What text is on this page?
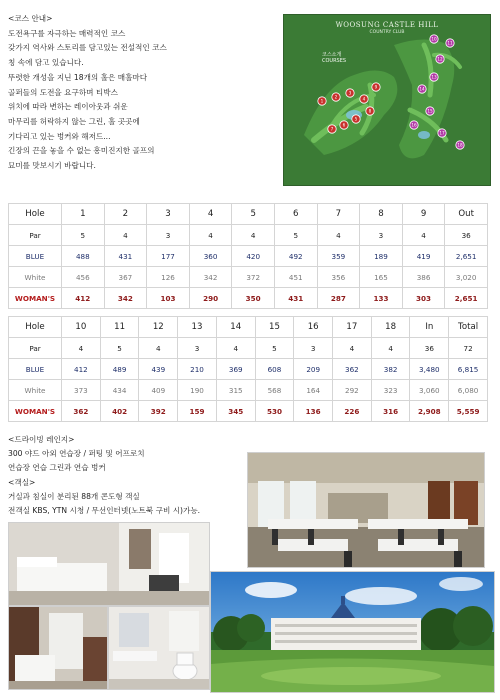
<코스 안내>
도전욕구를 자극하는 매력적인 코스
갖가지 역사와 스토리를 담고있는 전설적인 코스
칭 속에 담고 있습니다.
뚜렷한 개성을 지닌 18개의 홀은 매홀마다
골퍼들의 도전을 요구하며 티박스
위치에 따라 변하는 레이아웃과 쉬운
마무리를 허락하지 않는 그린, 홀 곳곳에
기다리고 있는 벙커와 해저드...
긴장의 끈을 놓을 수 없는 흥미진지한 골프의
묘미를 맛보시기 바랍니다.
1
2
3
4
5
6
7
8
9
10
11
12
13
14
15
16
17
18
WOOSUNG CASTLE HILL
COUNTRY CLUB
코스소개
COURSES
Hole	1	2	3	4	5	6	7	8	9	Out
Par	5	4	3	4	4	5	4	3	4	36
BLUE	488	431	177	360	420	492	359	189	419	2,651
White	456	367	126	342	372	451	356	165	386	3,020
WOMAN'S	412	342	103	290	350	431	287	133	303	2,651
Hole	10	11	12	13	14	15	16	17	18	In	Total
Par	4	5	4	3	4	5	3	4	4	36	72
BLUE	412	489	439	210	369	608	209	362	382	3,480	6,815
White	373	434	409	190	315	568	164	292	323	3,060	6,080
WOMAN'S	362	402	392	159	345	530	136	226	316	2,908	5,559
<드라이빙 레인지>
300 야드 아외 연습장 / 퍼팅 및 어프로치
연습장 연습 그린과 연습 벙커
<객실>
거실과 침실이 분리된 88개 콘도형 객실
전객실 KBS, YTN 시청 / 무선인터넷(노트북 구비 시)가능.
